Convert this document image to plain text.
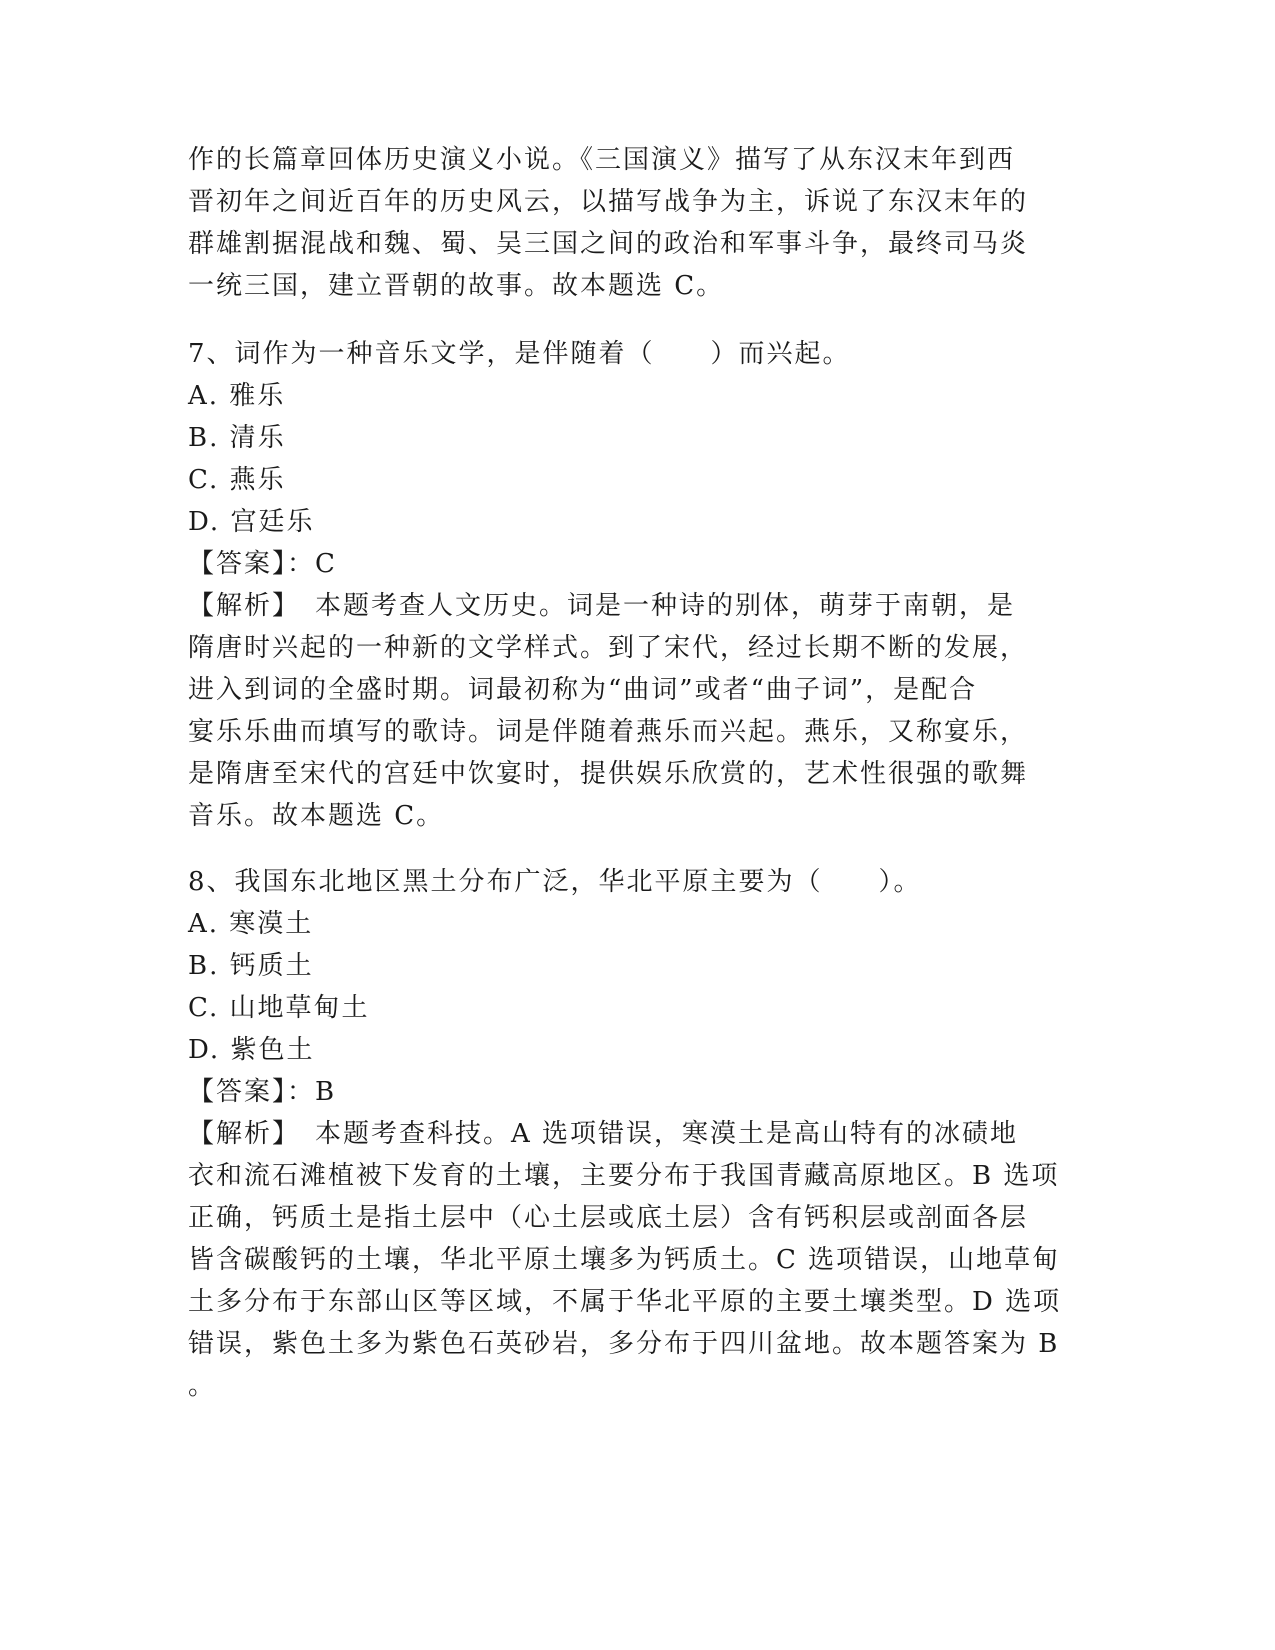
作的长篇章回体历史演义小说。《三国演义》描写了从东汉末年到西
晋初年之间近百年的历史风云，以描写战争为主，诉说了东汉末年的
群雄割据混战和魏、蜀、吴三国之间的政治和军事斗争，最终司马炎
一统三国，建立晋朝的故事。故本题选 C。
7、词作为一种音乐文学，是伴随着（　　）而兴起。
A. 雅乐
B. 清乐
C. 燕乐
D. 宫廷乐
【答案】：C
【解析】　本题考查人文历史。词是一种诗的别体，萌芽于南朝，是
隋唐时兴起的一种新的文学样式。到了宋代，经过长期不断的发展，
进入到词的全盛时期。词最初称为“曲词”或者“曲子词”，是配合
宴乐乐曲而填写的歌诗。词是伴随着燕乐而兴起。燕乐，又称宴乐，
是隋唐至宋代的宫廷中饮宴时，提供娱乐欣赏的，艺术性很强的歌舞
音乐。故本题选 C。
8、我国东北地区黑土分布广泛，华北平原主要为（　　）。
A. 寒漠土
B. 钙质土
C. 山地草甸土
D. 紫色土
【答案】：B
【解析】　本题考查科技。A 选项错误，寒漠土是高山特有的冰碛地
衣和流石滩植被下发育的土壤，主要分布于我国青藏高原地区。B 选项
正确，钙质土是指土层中（心土层或底土层）含有钙积层或剖面各层
皆含碳酸钙的土壤，华北平原土壤多为钙质土。C 选项错误，山地草甸
土多分布于东部山区等区域，不属于华北平原的主要土壤类型。D 选项
错误，紫色土多为紫色石英砂岩，多分布于四川盆地。故本题答案为 B
。
